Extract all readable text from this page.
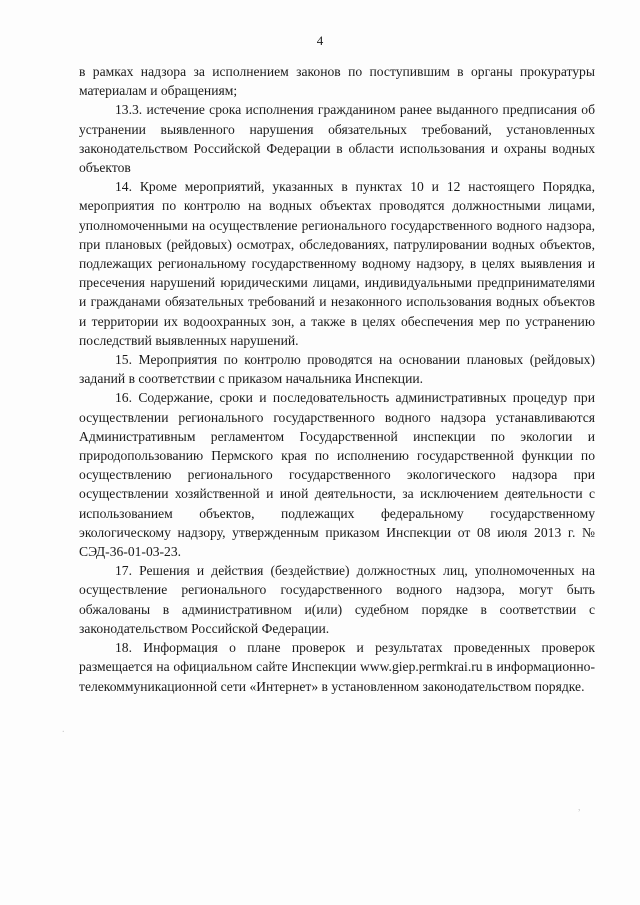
4

в рамках надзора за исполнением законов по поступившим в органы прокуратуры материалам и обращениям;

13.3. истечение срока исполнения гражданином ранее выданного предписания об устранении выявленного нарушения обязательных требований, установленных законодательством Российской Федерации в области использования и охраны водных объектов

14. Кроме мероприятий, указанных в пунктах 10 и 12 настоящего Порядка, мероприятия по контролю на водных объектах проводятся должностными лицами, уполномоченными на осуществление регионального государственного водного надзора, при плановых (рейдовых) осмотрах, обследованиях, патрулировании водных объектов, подлежащих региональному государственному водному надзору, в целях выявления и пресечения нарушений юридическими лицами, индивидуальными предпринимателями и гражданами обязательных требований и незаконного использования водных объектов и территории их водоохранных зон, а также в целях обеспечения мер по устранению последствий выявленных нарушений.

15. Мероприятия по контролю проводятся на основании плановых (рейдовых) заданий в соответствии с приказом начальника Инспекции.

16. Содержание, сроки и последовательность административных процедур при осуществлении регионального государственного водного надзора устанавливаются Административным регламентом Государственной инспекции по экологии и природопользованию Пермского края по исполнению государственной функции по осуществлению регионального государственного экологического надзора при осуществлении хозяйственной и иной деятельности, за исключением деятельности с использованием объектов, подлежащих федеральному государственному экологическому надзору, утвержденным приказом Инспекции от 08 июля 2013 г. № СЭД-36-01-03-23.

17. Решения и действия (бездействие) должностных лиц, уполномоченных на осуществление регионального государственного водного надзора, могут быть обжалованы в административном и(или) судебном порядке в соответствии с законодательством Российской Федерации.

18. Информация о плане проверок и результатах проведенных проверок размещается на официальном сайте Инспекции www.giep.permkrai.ru в информационно-телекоммуникационной сети «Интернет» в установленном законодательством порядке.

.
,
